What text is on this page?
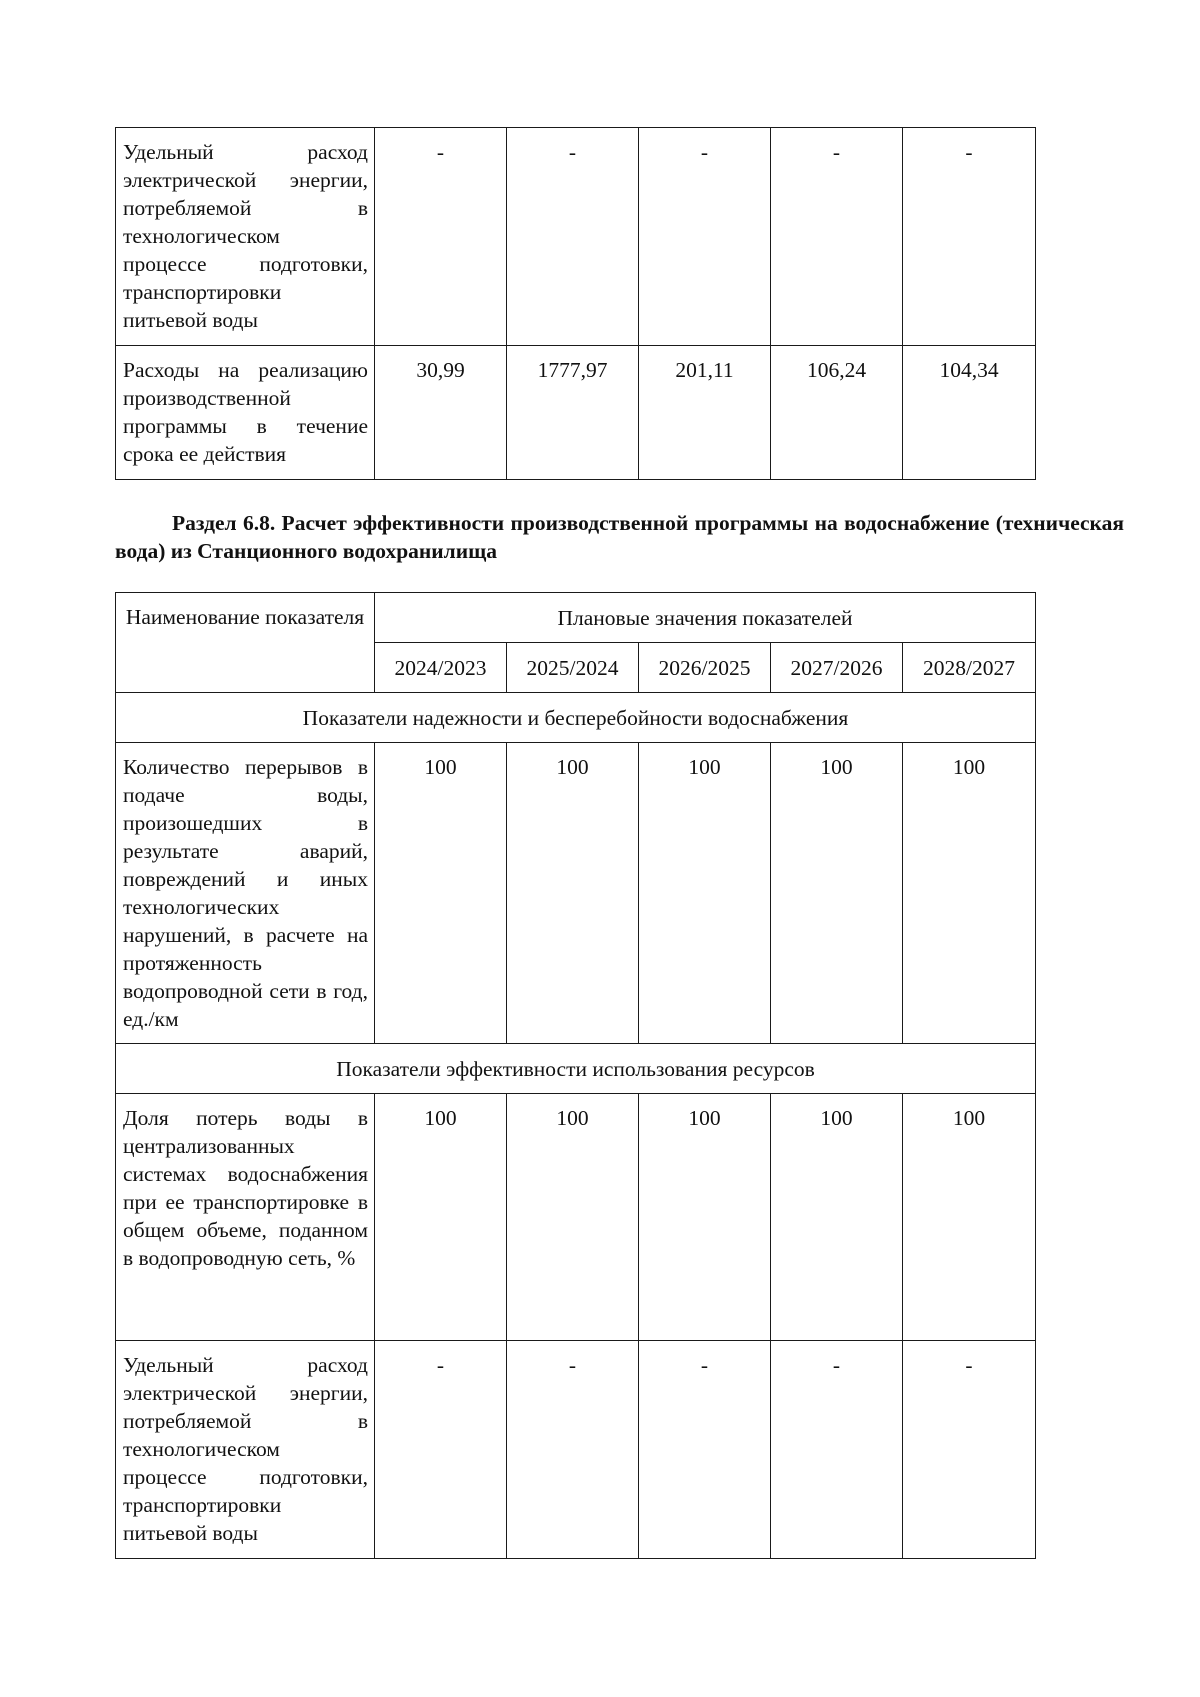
Удельный расход электрической энергии, потребляемой в технологическом процессе подготовки, транспортировки питьевой воды	-	-	-	-	-
Расходы на реализацию производственной программы в течение срока ее действия	30,99	1777,97	201,11	106,24	104,34

Раздел 6.8. Расчет эффективности производственной программы на водоснабжение (техническая вода) из Станционного водохранилища

Наименование показателя	Плановые значения показателей				
	2024/2023	2025/2024	2026/2025	2027/2026	2028/2027
Показатели надежности и бесперебойности водоснабжения					
Количество перерывов в подаче воды, произошедших в результате аварий, повреждений и иных технологических нарушений, в расчете на протяженность водопроводной сети в год, ед./км	100	100	100	100	100
Показатели эффективности использования ресурсов					
Доля потерь воды в централизованных системах водоснабжения при ее транспортировке в общем объеме, поданном в водопроводную сеть, %	100	100	100	100	100
Удельный расход электрической энергии, потребляемой в технологическом процессе подготовки, транспортировки питьевой воды	-	-	-	-	-
